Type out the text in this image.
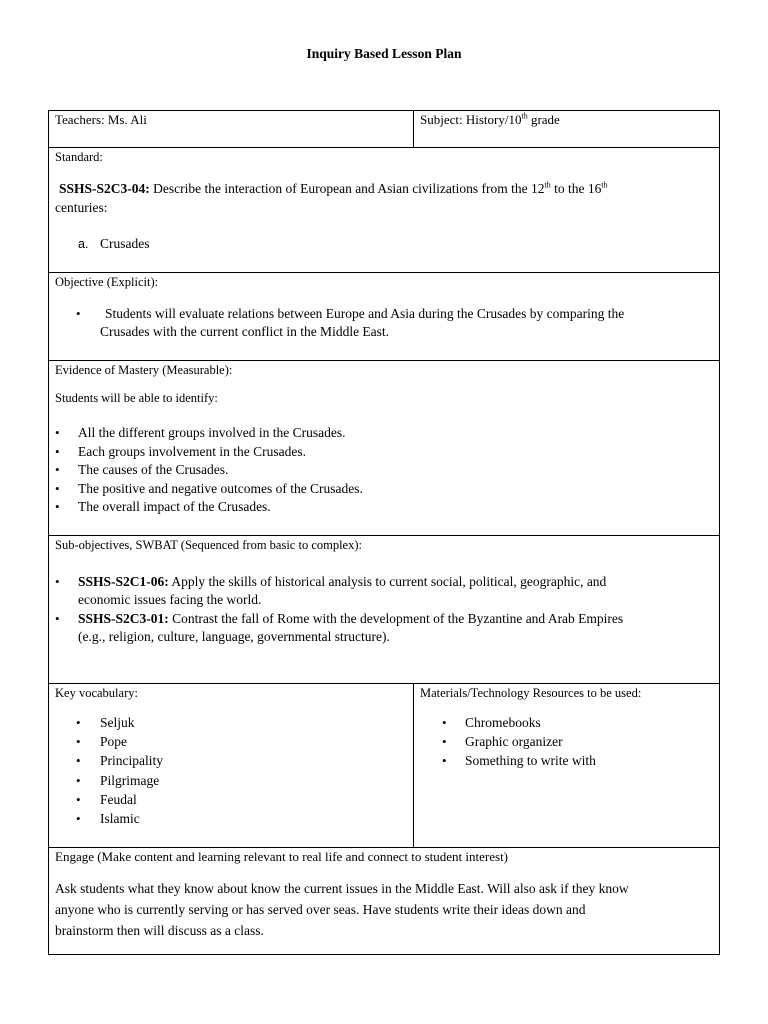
Inquiry Based Lesson Plan
Teachers: Ms. Ali	Subject: History/10th grade
Standard:
SSHS-S2C3-04: Describe the interaction of European and Asian civilizations from the 12th to the 16th
centuries:
a. Crusades
Objective (Explicit):
• Students will evaluate relations between Europe and Asia during the Crusades by comparing the
Crusades with the current conflict in the Middle East.
Evidence of Mastery (Measurable):
Students will be able to identify:
• All the different groups involved in the Crusades.
• Each groups involvement in the Crusades.
• The causes of the Crusades.
• The positive and negative outcomes of the Crusades.
• The overall impact of the Crusades.
Sub-objectives, SWBAT (Sequenced from basic to complex):
• SSHS-S2C1-06: Apply the skills of historical analysis to current social, political, geographic, and
economic issues facing the world.
• SSHS-S2C3-01: Contrast the fall of Rome with the development of the Byzantine and Arab Empires
(e.g., religion, culture, language, governmental structure).
Key vocabulary:
• Seljuk
• Pope
• Principality
• Pilgrimage
• Feudal
• Islamic
Materials/Technology Resources to be used:
• Chromebooks
• Graphic organizer
• Something to write with
Engage (Make content and learning relevant to real life and connect to student interest)
Ask students what they know about know the current issues in the Middle East. Will also ask if they know
anyone who is currently serving or has served over seas. Have students write their ideas down and
brainstorm then will discuss as a class.
